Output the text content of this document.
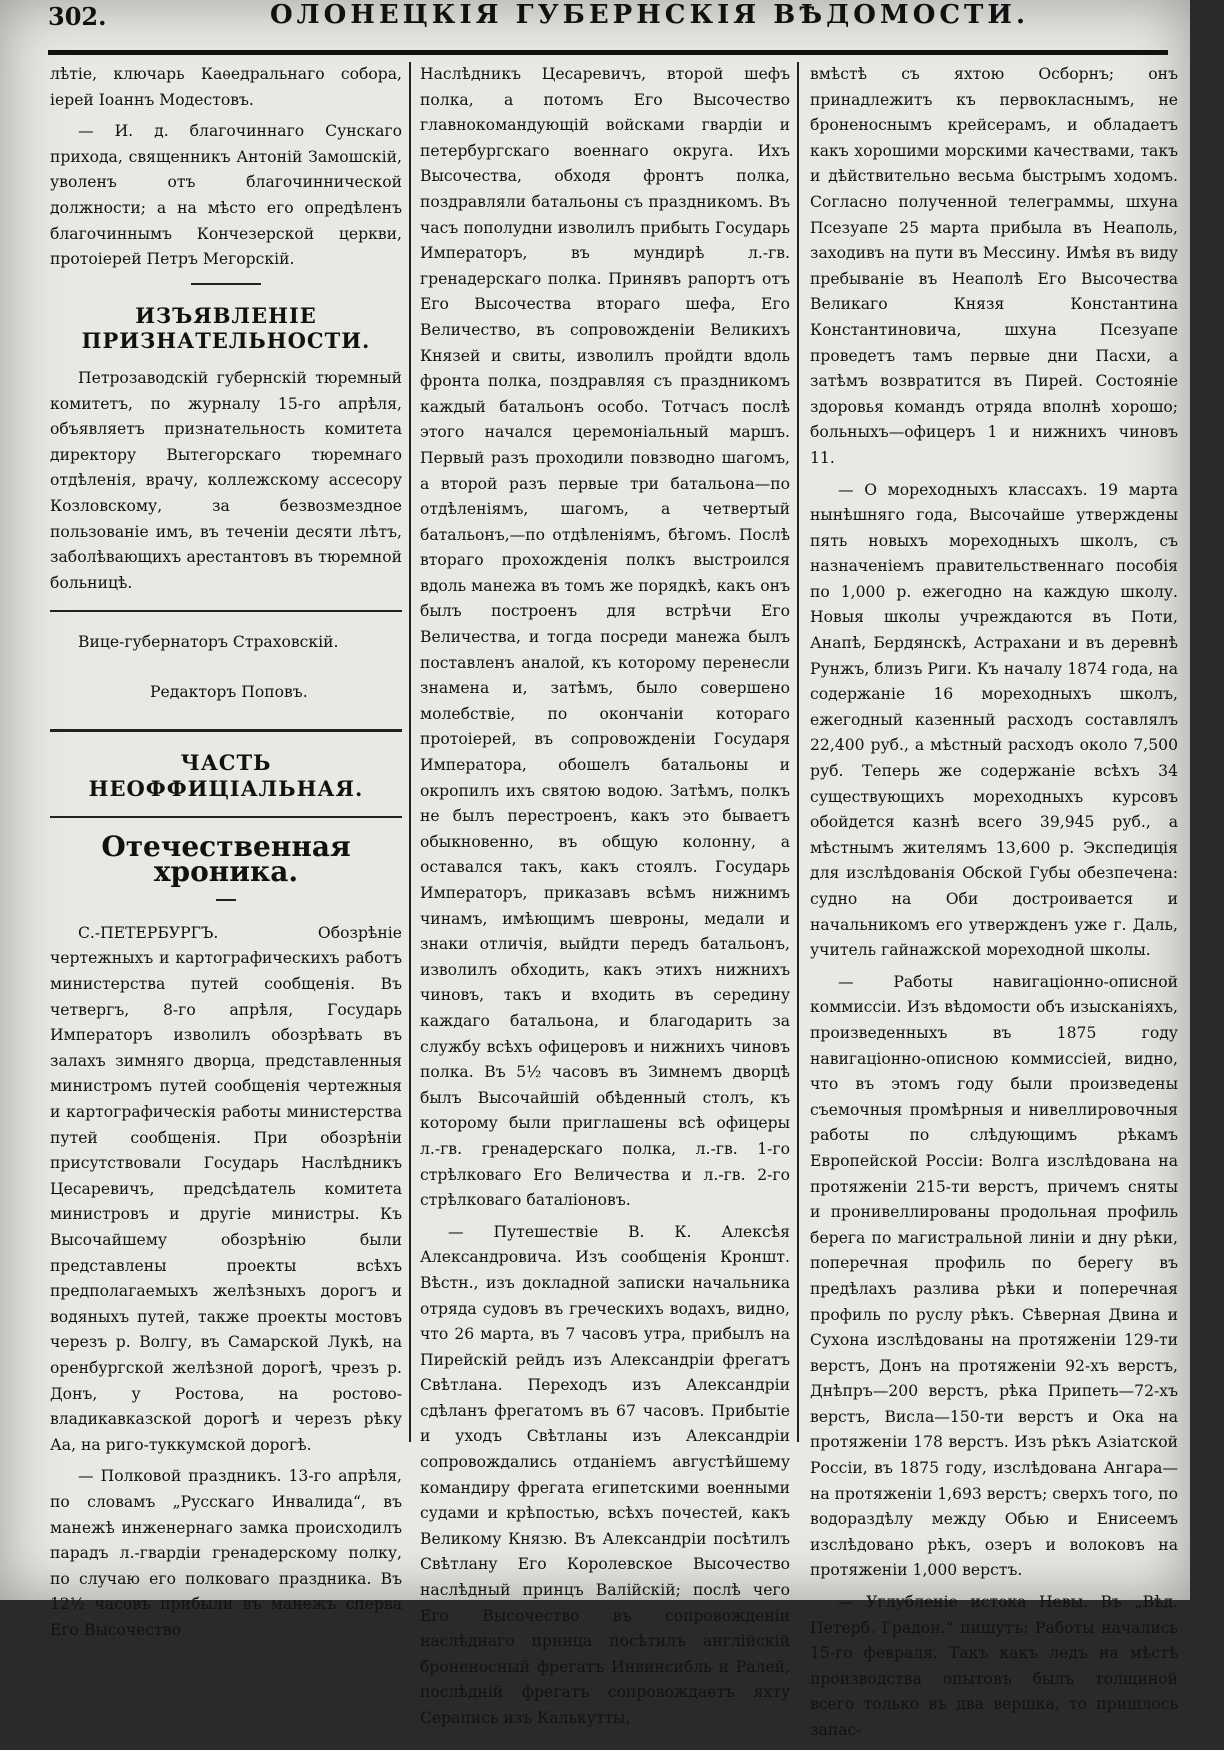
302.	ОЛОНЕЦКІЯ ГУБЕРНСКІЯ ВѢДОМОСТИ.

лѣтіе, ключарь Каѳедральнаго собора, іерей Іоаннъ Модестовъ.

— И. д. благочиннаго Сунскаго прихода, священникъ Антоній Замошскій, уволенъ отъ благочиннической должности; а на мѣсто его опредѣленъ благочиннымъ Кончезерской церкви, протоіерей Петръ Мегорскій.

ИЗЪЯВЛЕНІЕ ПРИЗНАТЕЛЬНОСТИ.

Петрозаводскій губернскій тюремный комитетъ, по журналу 15-го апрѣля, объявляетъ признательность комитета директору Вытегорскаго тюремнаго отдѣленія, врачу, коллежскому ассесору Козловскому, за безвозмездное пользованіе имъ, въ теченіи десяти лѣтъ, заболѣвающихъ арестантовъ въ тюремной больницѣ.

Вице-губернаторъ Страховскій.

Редакторъ Поповъ.

ЧАСТЬ НЕОФФИЦІАЛЬНАЯ.
Отечественная хроника.

С.-ПЕТЕРБУРГЪ. Обозрѣніе чертежныхъ и картографическихъ работъ министерства путей сообщенія. Въ четвергъ, 8-го апрѣля, Государь Императоръ изволилъ обозрѣвать въ залахъ зимняго дворца, представленныя министромъ путей сообщенія чертежныя и картографическія работы министерства путей сообщенія. При обозрѣніи присутствовали Государь Наслѣдникъ Цесаревичъ, предсѣдатель комитета министровъ и другіе министры. Къ Высочайшему обозрѣнію были представлены проекты всѣхъ предполагаемыхъ желѣзныхъ дорогъ и водяныхъ путей, также проекты мостовъ черезъ р. Волгу, въ Самарской Лукѣ, на оренбургской желѣзной дорогѣ, чрезъ р. Донъ, у Ростова, на ростово-владикавказской дорогѣ и черезъ рѣку Аа, на риго-туккумской дорогѣ.

— Полковой праздникъ. 13-го апрѣля, по словамъ „Русскаго Инвалида“, въ манежѣ инженернаго замка происходилъ парадъ л.-гвардіи гренадерскому полку, по случаю его полковаго праздника. Въ 12½ часовъ прибыли въ манежъ сперва Его Высочество

Наслѣдникъ Цесаревичъ, второй шефъ полка, а потомъ Его Высочество главнокомандующій войсками гвардіи и петербургскаго военнаго округа. Ихъ Высочества, обходя фронтъ полка, поздравляли батальоны съ праздникомъ. Въ часъ пополудни изволилъ прибыть Государь Императоръ, въ мундирѣ л.-гв. гренадерскаго полка. Принявъ рапортъ отъ Его Высочества втораго шефа, Его Величество, въ сопровожденіи Великихъ Князей и свиты, изволилъ пройдти вдоль фронта полка, поздравляя съ праздникомъ каждый батальонъ особо. Тотчасъ послѣ этого начался церемоніальный маршъ. Первый разъ проходили повзводно шагомъ, а второй разъ первые три батальона—по отдѣленіямъ, шагомъ, а четвертый батальонъ,—по отдѣленіямъ, бѣгомъ. Послѣ втораго прохожденія полкъ выстроился вдоль манежа въ томъ же порядкѣ, какъ онъ былъ построенъ для встрѣчи Его Величества, и тогда посреди манежа былъ поставленъ аналой, къ которому перенесли знамена и, затѣмъ, было совершено молебствіе, по окончаніи котораго протоіерей, въ сопровожденіи Государя Императора, обошелъ батальоны и окропилъ ихъ святою водою. Затѣмъ, полкъ не былъ перестроенъ, какъ это бываетъ обыкновенно, въ общую колонну, а оставался такъ, какъ стоялъ. Государь Императоръ, приказавъ всѣмъ нижнимъ чинамъ, имѣющимъ шевроны, медали и знаки отличія, выйдти передъ батальонъ, изволилъ обходить, какъ этихъ нижнихъ чиновъ, такъ и входить въ середину каждаго батальона, и благодарить за службу всѣхъ офицеровъ и нижнихъ чиновъ полка. Въ 5½ часовъ въ Зимнемъ дворцѣ былъ Высочайшій обѣденный столъ, къ которому были приглашены всѣ офицеры л.-гв. гренадерскаго полка, л.-гв. 1-го стрѣлковаго Его Величества и л.-гв. 2-го стрѣлковаго баталіоновъ.

— Путешествіе В. К. Алексѣя Александровича. Изъ сообщенія Кроншт. Вѣстн., изъ докладной записки начальника отряда судовъ въ греческихъ водахъ, видно, что 26 марта, въ 7 часовъ утра, прибылъ на Пирейскій рейдъ изъ Александріи фрегатъ Свѣтлана. Переходъ изъ Александріи сдѣланъ фрегатомъ въ 67 часовъ. Прибытіе и уходъ Свѣтланы изъ Александріи сопровождались отданіемъ августѣйшему командиру фрегата египетскими военными судами и крѣпостью, всѣхъ почестей, какъ Великому Князю. Въ Александріи посѣтилъ Свѣтлану Его Королевское Высочество наслѣдный принцъ Валійскій; послѣ чего Его Высочество въ сопровожденіи наслѣднаго принца посѣтилъ англійскій броненосный фрегатъ Инвинсибль и Ралей, послѣдній фрегатъ сопровождаетъ яхту Серапись изъ Калькутты,

вмѣстѣ съ яхтою Осборнъ; онъ принадлежитъ къ первоклаcнымъ, не броненоснымъ крейсерамъ, и обладаетъ какъ хорошими морскими качествами, такъ и дѣйствительно весьма быстрымъ ходомъ. Согласно полученной телеграммы, шхуна Псезуапе 25 марта прибыла въ Неаполь, заходивъ на пути въ Мессину. Имѣя въ виду пребываніе въ Неаполѣ Его Высочества Великаго Князя Константина Константиновича, шхуна Псезуапе проведетъ тамъ первые дни Пасхи, а затѣмъ возвратится въ Пирей. Состояніе здоровья командъ отряда вполнѣ хорошо; больныхъ—офицеръ 1 и нижнихъ чиновъ 11.

— О мореходныхъ классахъ. 19 марта нынѣшняго года, Высочайше утверждены пять новыхъ мореходныхъ школъ, съ назначеніемъ правительственнаго пособія по 1,000 р. ежегодно на каждую школу. Новыя школы учреждаются въ Поти, Анапѣ, Бердянскѣ, Астрахани и въ деревнѣ Рунжъ, близъ Риги. Къ началу 1874 года, на содержаніе 16 мореходныхъ школъ, ежегодный казенный расходъ составлялъ 22,400 руб., а мѣстный расходъ около 7,500 руб. Теперь же содержаніе всѣхъ 34 существующихъ мореходныхъ курсовъ обойдется казнѣ всего 39,945 руб., а мѣстнымъ жителямъ 13,600 р. Экспедиція для изслѣдованія Обской Губы обезпечена: судно на Оби достроивается и начальникомъ его утвержденъ уже г. Даль, учитель гайнажской мореходной школы.

— Работы навигаціонно-описной коммиссіи. Изъ вѣдомости объ изысканіяхъ, произведенныхъ въ 1875 году навигаціонно-описною коммиссіей, видно, что въ этомъ году были произведены съемочныя промѣрныя и нивеллировочныя работы по слѣдующимъ рѣкамъ Европейской Россіи: Волга изслѣдована на протяженіи 215-ти верстъ, причемъ сняты и пронивеллированы продольная профиль берега по магистральной линіи и дну рѣки, поперечная профиль по берегу въ предѣлахъ разлива рѣки и поперечная профиль по руслу рѣкъ. Сѣверная Двина и Сухона изслѣдованы на протяженіи 129-ти верстъ, Донъ на протяженіи 92-хъ верстъ, Днѣпръ—200 верстъ, рѣка Припеть—72-хъ верстъ, Висла—150-ти верстъ и Ока на протяженіи 178 верстъ. Изъ рѣкъ Азіатской Россіи, въ 1875 году, изслѣдована Ангара—на протяженіи 1,693 верстъ; сверхъ того, по водораздѣлу между Обью и Енисеемъ изслѣдовано рѣкъ, озеръ и волоковъ на протяженіи 1,000 верстъ.

— Углубленіе истока Невы. Въ „Вѣд. Петерб. Градон.“ пишутъ: Работы начались 15-го февраля. Такъ какъ ледъ на мѣстѣ производства опытовъ былъ толщиной всего только въ два вершка, то пришлось запас-
